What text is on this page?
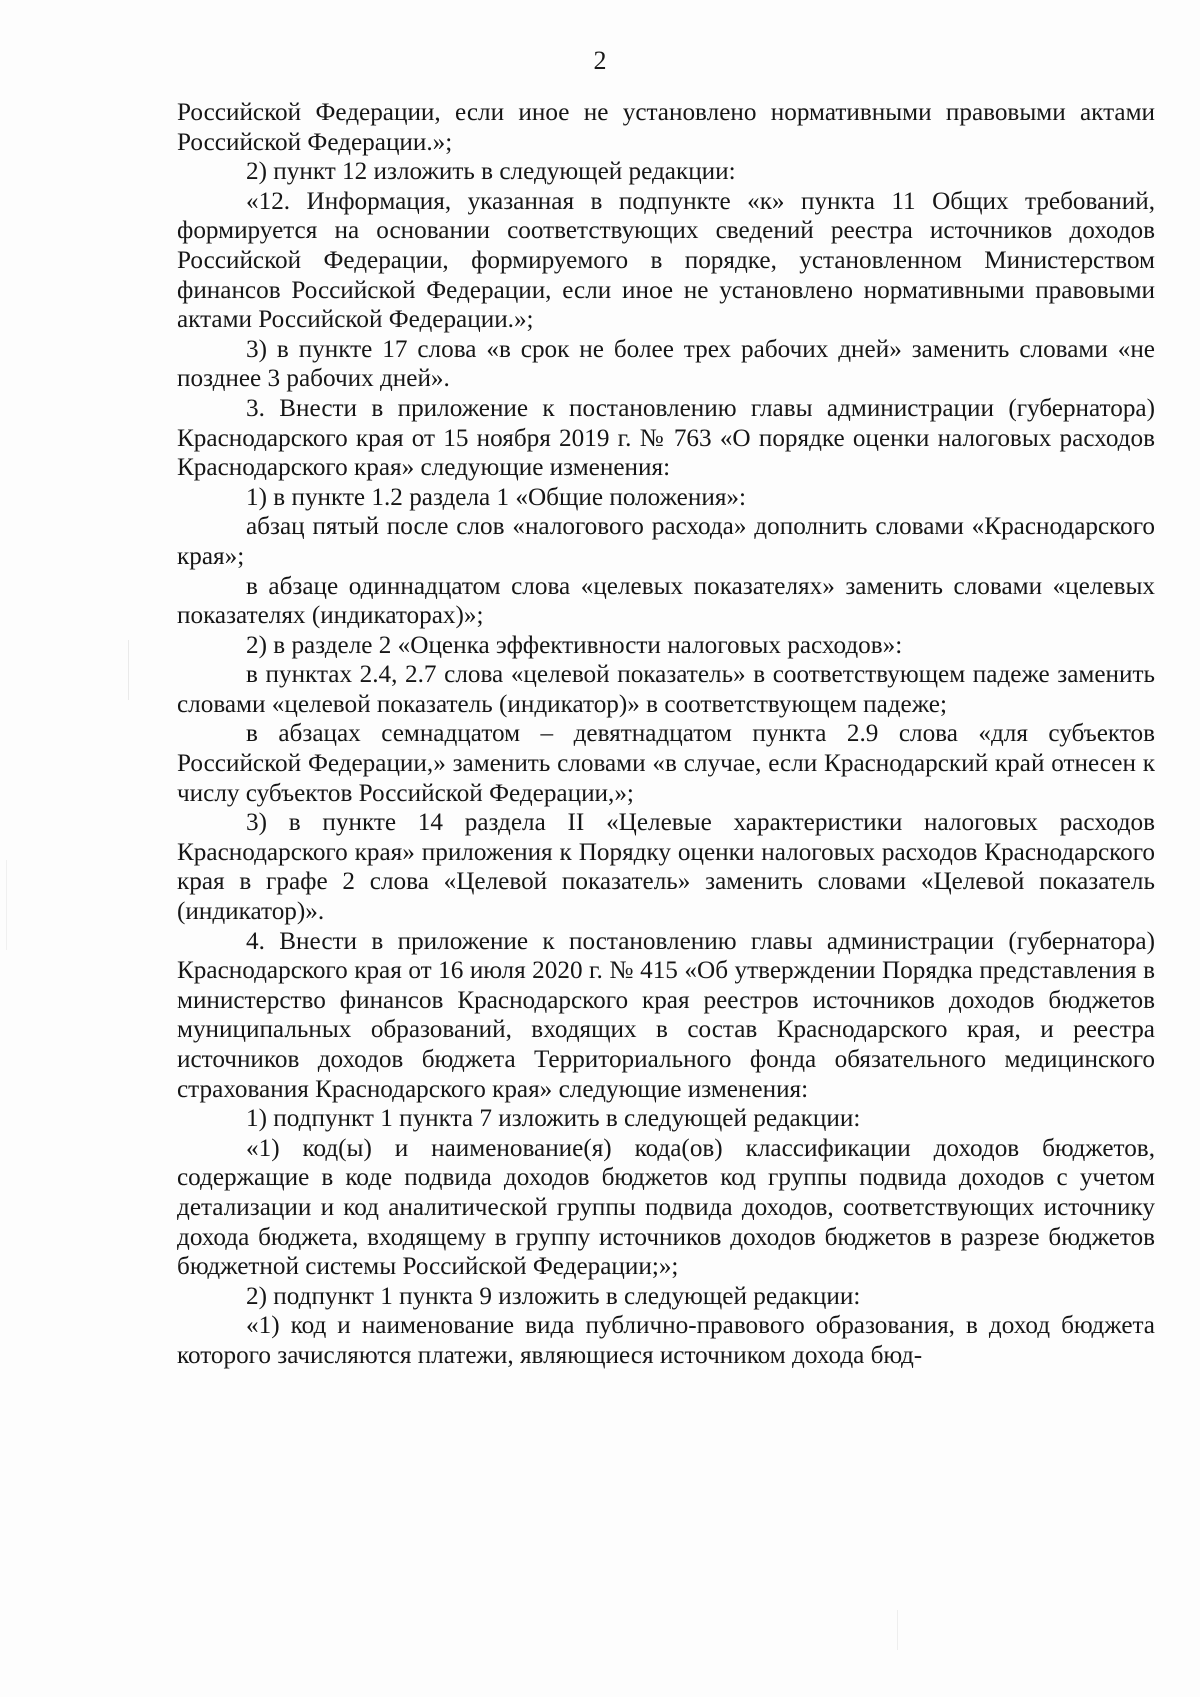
2

Российской Федерации, если иное не установлено нормативными правовыми актами Российской Федерации.»;

2) пункт 12 изложить в следующей редакции:

«12. Информация, указанная в подпункте «к» пункта 11 Общих требований, формируется на основании соответствующих сведений реестра источников доходов Российской Федерации, формируемого в порядке, установленном Министерством финансов Российской Федерации, если иное не установлено нормативными правовыми актами Российской Федерации.»;

3) в пункте 17 слова «в срок не более трех рабочих дней» заменить словами «не позднее 3 рабочих дней».

3. Внести в приложение к постановлению главы администрации (губернатора) Краснодарского края от 15 ноября 2019 г. № 763 «О порядке оценки налоговых расходов Краснодарского края» следующие изменения:

1) в пункте 1.2 раздела 1 «Общие положения»:

абзац пятый после слов «налогового расхода» дополнить словами «Краснодарского края»;

в абзаце одиннадцатом слова «целевых показателях» заменить словами «целевых показателях (индикаторах)»;

2) в разделе 2 «Оценка эффективности налоговых расходов»:

в пунктах 2.4, 2.7 слова «целевой показатель» в соответствующем падеже заменить словами «целевой показатель (индикатор)» в соответствующем падеже;

в абзацах семнадцатом – девятнадцатом пункта 2.9 слова «для субъектов Российской Федерации,» заменить словами «в случае, если Краснодарский край отнесен к числу субъектов Российской Федерации,»;

3) в пункте 14 раздела II «Целевые характеристики налоговых расходов Краснодарского края» приложения к Порядку оценки налоговых расходов Краснодарского края в графе 2 слова «Целевой показатель» заменить словами «Целевой показатель (индикатор)».

4. Внести в приложение к постановлению главы администрации (губернатора) Краснодарского края от 16 июля 2020 г. № 415 «Об утверждении Порядка представления в министерство финансов Краснодарского края реестров источников доходов бюджетов муниципальных образований, входящих в состав Краснодарского края, и реестра источников доходов бюджета Территориального фонда обязательного медицинского страхования Краснодарского края» следующие изменения:

1) подпункт 1 пункта 7 изложить в следующей редакции:

«1) код(ы) и наименование(я) кода(ов) классификации доходов бюджетов, содержащие в коде подвида доходов бюджетов код группы подвида доходов с учетом детализации и код аналитической группы подвида доходов, соответствующих источнику дохода бюджета, входящему в группу источников доходов бюджетов в разрезе бюджетов бюджетной системы Российской Федерации;»;

2) подпункт 1 пункта 9 изложить в следующей редакции:

«1) код и наименование вида публично-правового образования, в доход бюджета которого зачисляются платежи, являющиеся источником дохода бюд-
